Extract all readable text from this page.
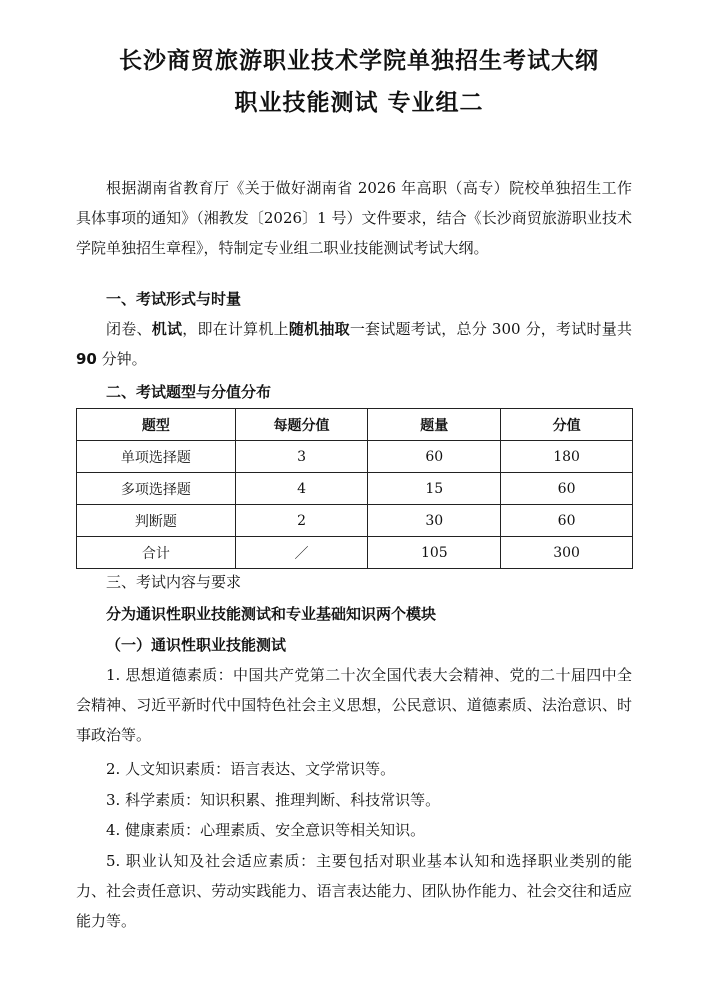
长沙商贸旅游职业技术学院单独招生考试大纲
职业技能测试 专业组二
根据湖南省教育厅《关于做好湖南省 2026 年高职（高专）院校单独招生工作具体事项的通知》（湘教发〔2026〕1 号）文件要求，结合《长沙商贸旅游职业技术学院单独招生章程》，特制定专业组二职业技能测试考试大纲。
一、考试形式与时量
闭卷、机试，即在计算机上随机抽取一套试题考试，总分 300 分，考试时量共 90 分钟。
二、考试题型与分值分布
题型	每题分值	题量	分值
单项选择题	3	60	180
多项选择题	4	15	60
判断题	2	30	60
合计	／	105	300
三、考试内容与要求
分为通识性职业技能测试和专业基础知识两个模块
（一）通识性职业技能测试
1. 思想道德素质：中国共产党第二十次全国代表大会精神、党的二十届四中全会精神、习近平新时代中国特色社会主义思想，公民意识、道德素质、法治意识、时事政治等。
2. 人文知识素质：语言表达、文学常识等。
3. 科学素质：知识积累、推理判断、科技常识等。
4. 健康素质：心理素质、安全意识等相关知识。
5. 职业认知及社会适应素质：主要包括对职业基本认知和选择职业类别的能力、社会责任意识、劳动实践能力、语言表达能力、团队协作能力、社会交往和适应能力等。
